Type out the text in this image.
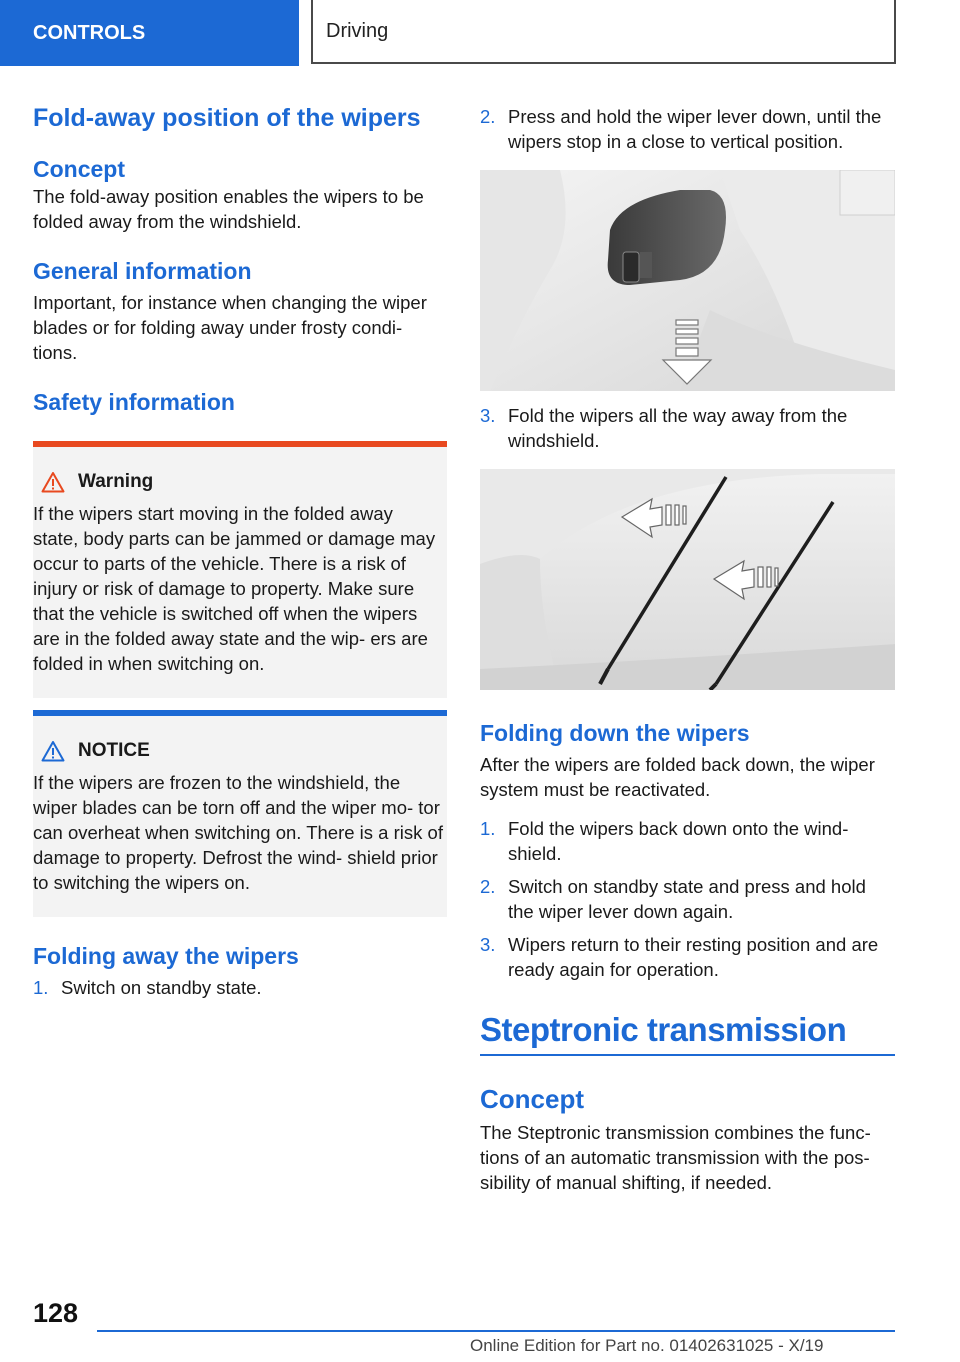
CONTROLS	Driving
Fold-away position of the wipers
Concept

The fold-away position enables the wipers to be folded away from the windshield.

General information

Important, for instance when changing the wiper blades or for folding away under frosty condi- tions.

Safety information
Warning

If the wipers start moving in the folded away state, body parts can be jammed or damage may occur to parts of the vehicle. There is a risk of injury or risk of damage to property. Make sure that the vehicle is switched off when the wipers are in the folded away state and the wip- ers are folded in when switching on.

NOTICE

If the wipers are frozen to the windshield, the wiper blades can be torn off and the wiper mo- tor can overheat when switching on. There is a risk of damage to property. Defrost the wind- shield prior to switching the wipers on.

Folding away the wipers
1. Switch on standby state.
2. Press and hold the wiper lever down, until the wipers stop in a close to vertical position.
3. Fold the wipers all the way away from the windshield.
Folding down the wipers

After the wipers are folded back down, the wiper system must be reactivated.

1. Fold the wipers back down onto the wind- shield.
2. Switch on standby state and press and hold the wiper lever down again.
3. Wipers return to their resting position and are ready again for operation.
Steptronic transmission
Concept

The Steptronic transmission combines the func- tions of an automatic transmission with the pos- sibility of manual shifting, if needed.

128
Online Edition for Part no. 01402631025 - X/19
